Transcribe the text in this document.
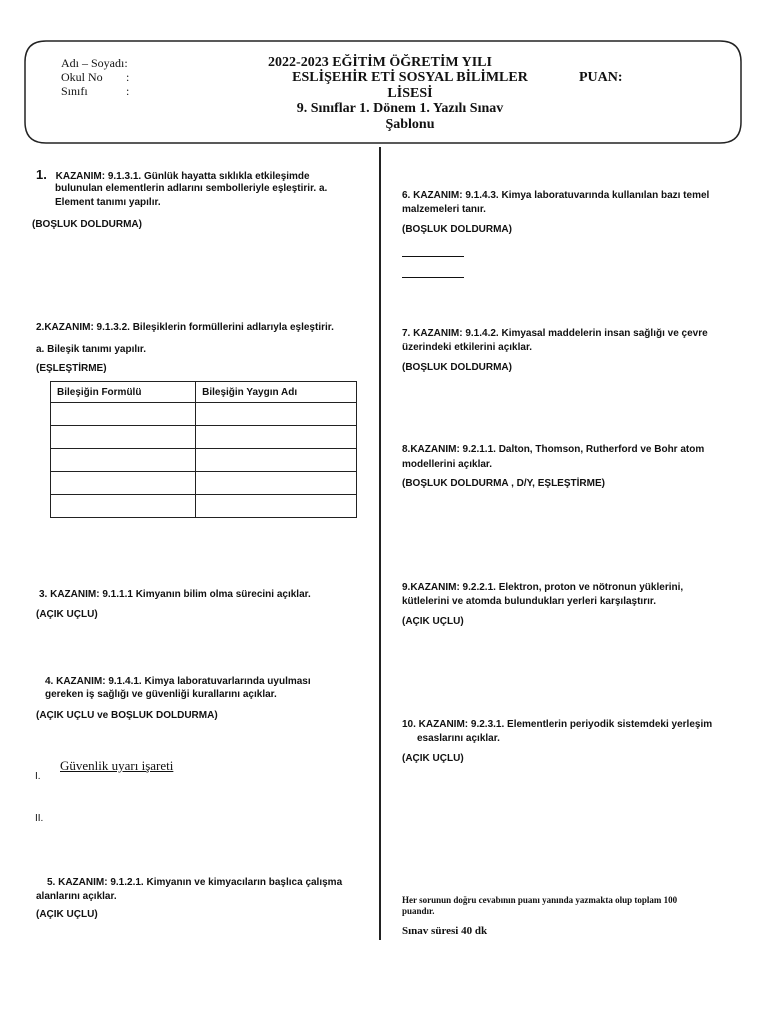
Adı – Soyadı:
Okul No :
Sınıfı	:
2022-2023 EĞİTİM ÖĞRETİM YILI
ESLİŞEHİR ETİ SOSYAL BİLİMLER
LİSESİ
9. Sınıflar 1. Dönem 1. Yazılı Sınav
Şablonu
PUAN:
1. KAZANIM: 9.1.3.1. Günlük hayatta sıklıkla etkileşimde
bulunulan elementlerin adlarını sembolleriyle eşleştirir. a.
Element tanımı yapılır.
(BOŞLUK DOLDURMA)
2.KAZANIM: 9.1.3.2. Bileşiklerin formüllerini adlarıyla eşleştirir.
a. Bileşik tanımı yapılır.
(EŞLEŞTİRME)
Bileşiğin Formülü	Bileşiğin Yaygın Adı

3. KAZANIM: 9.1.1.1 Kimyanın bilim olma sürecini açıklar.
(AÇIK UÇLU)
4. KAZANIM: 9.1.4.1. Kimya laboratuvarlarında uyulması
gereken iş sağlığı ve güvenliği kurallarını açıklar.
(AÇIK UÇLU ve BOŞLUK DOLDURMA)
Güvenlik uyarı işareti
I.
II.
5. KAZANIM: 9.1.2.1. Kimyanın ve kimyacıların başlıca çalışma
alanlarını açıklar.
(AÇIK UÇLU)
6. KAZANIM: 9.1.4.3. Kimya laboratuvarında kullanılan bazı temel
malzemeleri tanır.
(BOŞLUK DOLDURMA)
7. KAZANIM: 9.1.4.2. Kimyasal maddelerin insan sağlığı ve çevre
üzerindeki etkilerini açıklar.
(BOŞLUK DOLDURMA)
8.KAZANIM: 9.2.1.1. Dalton, Thomson, Rutherford ve Bohr atom
modellerini açıklar.
(BOŞLUK DOLDURMA , D/Y, EŞLEŞTİRME)
9.KAZANIM: 9.2.2.1. Elektron, proton ve nötronun yüklerini,
kütlelerini ve atomda bulundukları yerleri karşılaştırır.
(AÇIK UÇLU)
10. KAZANIM: 9.2.3.1. Elementlerin periyodik sistemdeki yerleşim
esaslarını açıklar.
(AÇIK UÇLU)
Her sorunun doğru cevabının puanı yanında yazmakta olup toplam 100
puandır.
Sınav süresi 40 dk
